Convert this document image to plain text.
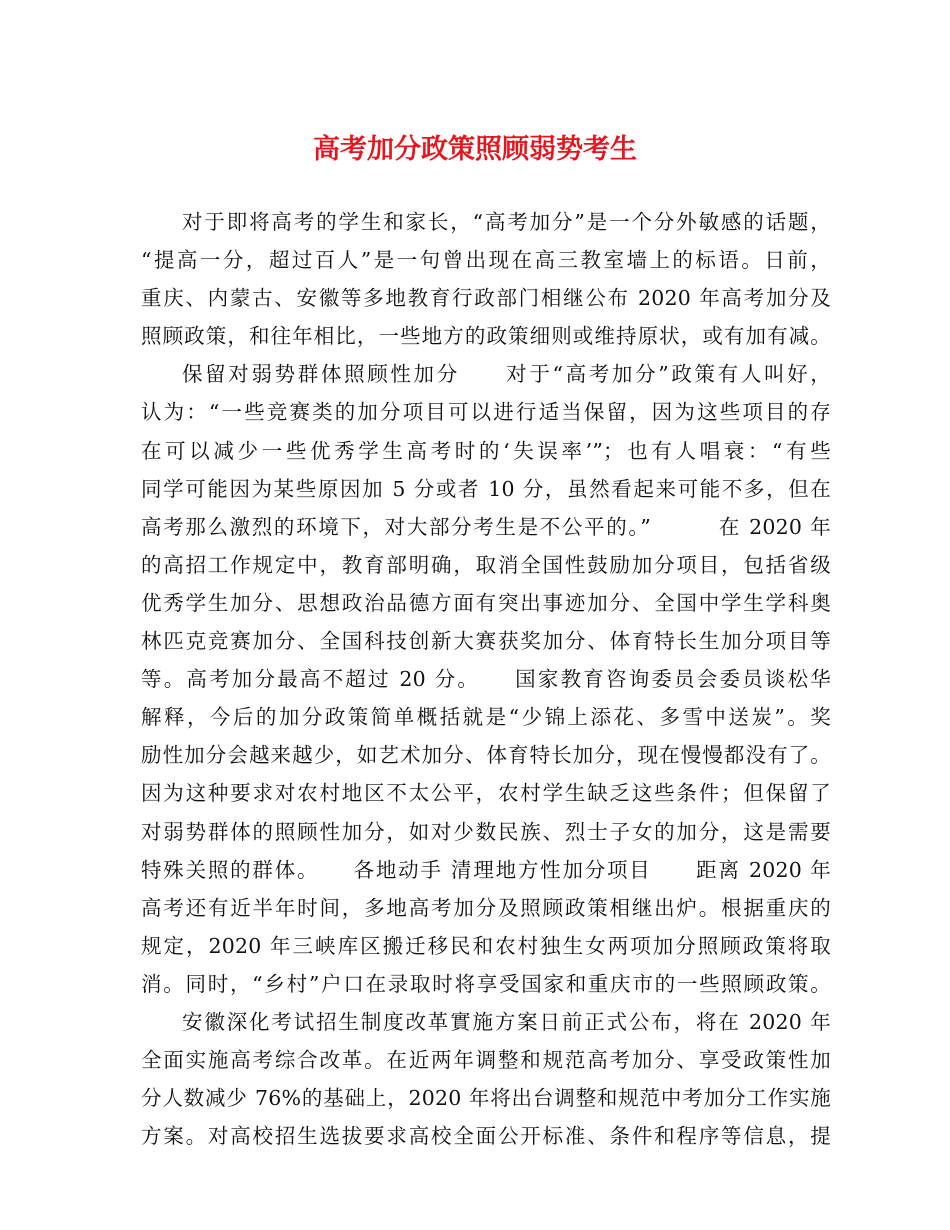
高考加分政策照顾弱势考生
对于即将高考的学生和家长，“高考加分”是一个分外敏感的话题，
“提高一分，超过百人”是一句曾出现在高三教室墙上的标语。日前，
重庆、内蒙古、安徽等多地教育行政部门相继公布 2020 年高考加分及
照顾政策，和往年相比，一些地方的政策细则或维持原状，或有加有减。
保留对弱势群体照顾性加分　　对于“高考加分”政策有人叫好，
认为：“一些竞赛类的加分项目可以进行适当保留，因为这些项目的存
在可以减少一些优秀学生高考时的‘失误率’”；也有人唱衰：“有些
同学可能因为某些原因加 5 分或者 10 分，虽然看起来可能不多，但在
高考那么激烈的环境下，对大部分考生是不公平的。”　　　在 2020 年
的高招工作规定中，教育部明确，取消全国性鼓励加分项目，包括省级
优秀学生加分、思想政治品德方面有突出事迹加分、全国中学生学科奥
林匹克竞赛加分、全国科技创新大赛获奖加分、体育特长生加分项目等
等。高考加分最高不超过 20 分。　　国家教育咨询委员会委员谈松华
解释，今后的加分政策简单概括就是“少锦上添花、多雪中送炭”。奖
励性加分会越来越少，如艺术加分、体育特长加分，现在慢慢都没有了。
因为这种要求对农村地区不太公平，农村学生缺乏这些条件；但保留了
对弱势群体的照顾性加分，如对少数民族、烈士子女的加分，这是需要
特殊关照的群体。　　各地动手 清理地方性加分项目　　距离 2020 年
高考还有近半年时间，多地高考加分及照顾政策相继出炉。根据重庆的
规定，2020 年三峡库区搬迁移民和农村独生女两项加分照顾政策将取
消。同时，“乡村”户口在录取时将享受国家和重庆市的一些照顾政策。
安徽深化考试招生制度改革實施方案日前正式公布，将在 2020 年
全面实施高考综合改革。在近两年调整和规范高考加分、享受政策性加
分人数减少 76%的基础上，2020 年将出台调整和规范中考加分工作实施
方案。对高校招生选拔要求高校全面公开标准、条件和程序等信息，提
